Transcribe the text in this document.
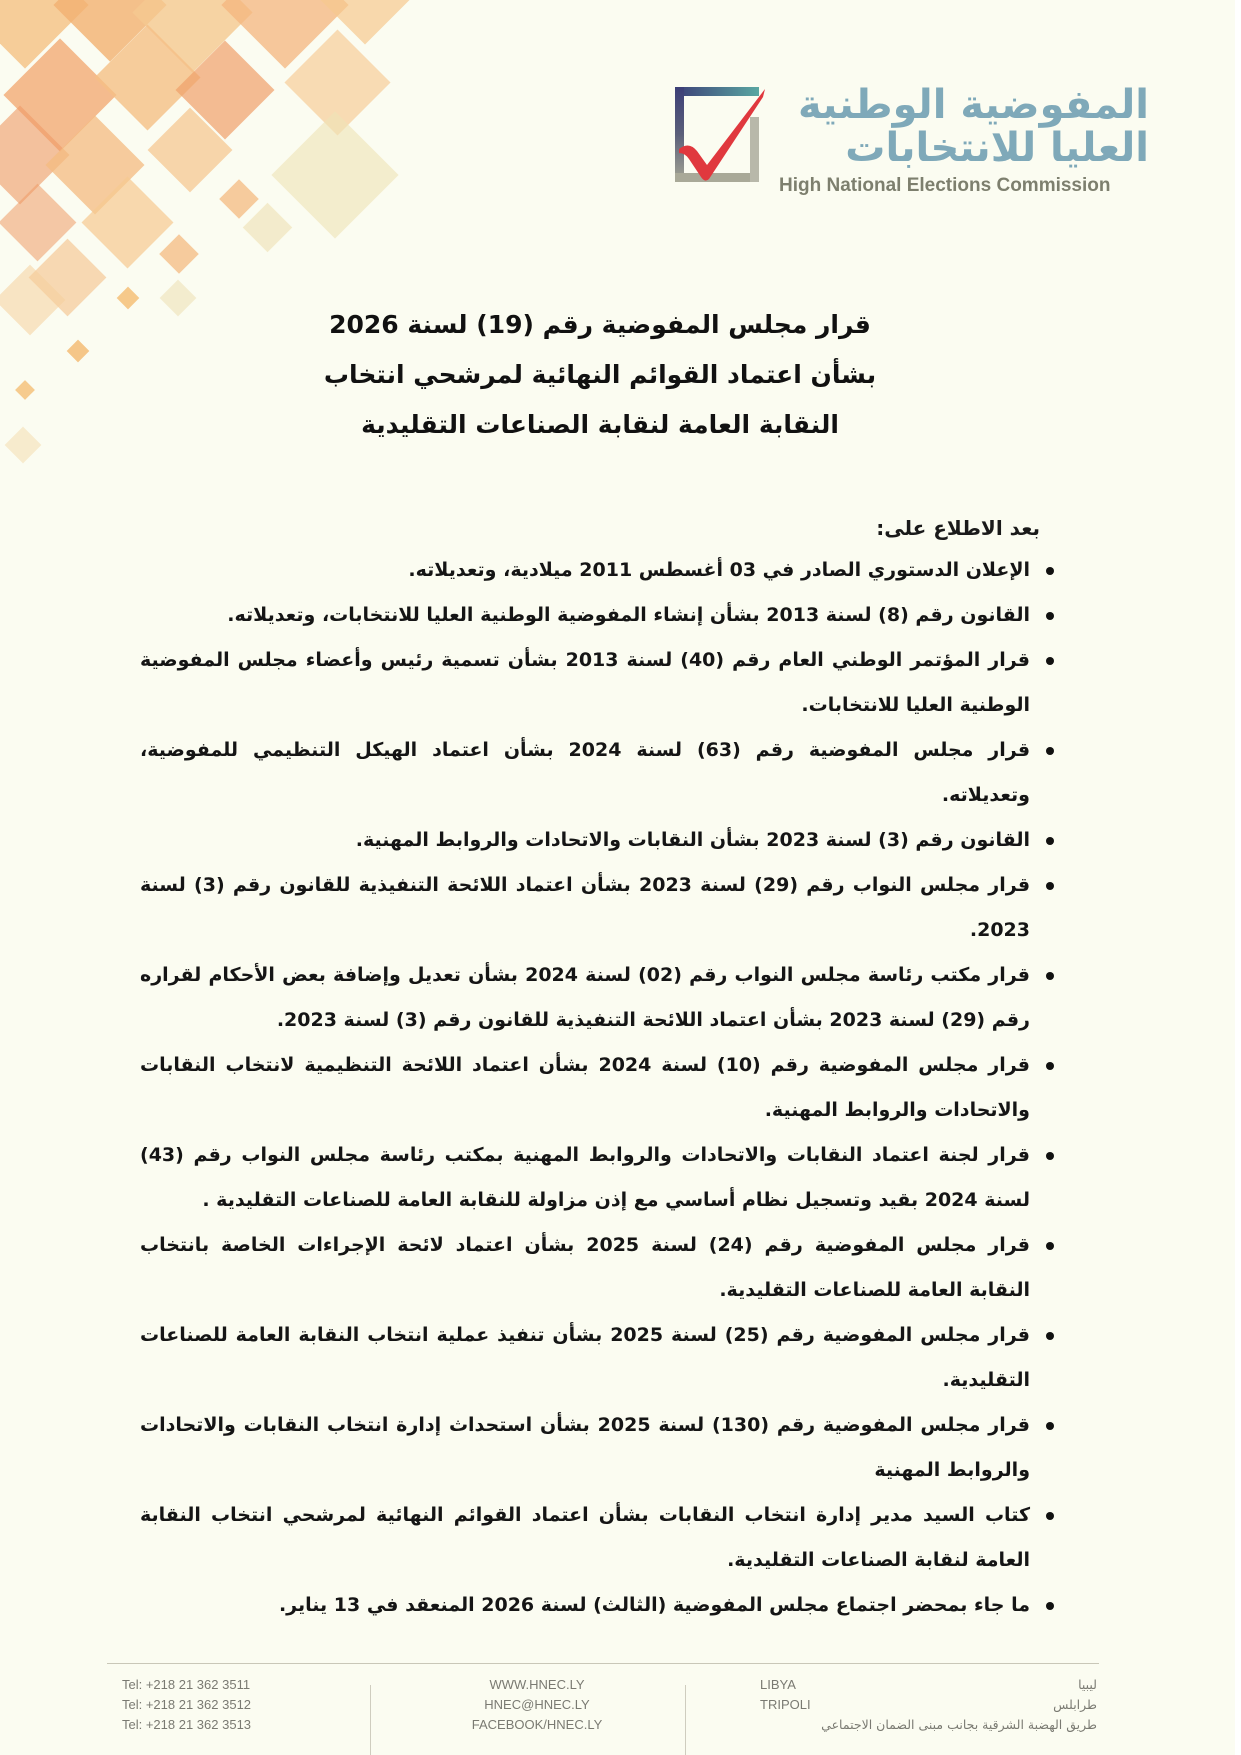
المفوضية الوطنية
العليا للانتخابات
High National Elections Commission
قرار مجلس المفوضية رقم (19) لسنة 2026
بشأن اعتماد القوائم النهائية لمرشحي انتخاب
النقابة العامة لنقابة الصناعات التقليدية
بعد الاطلاع على:
الإعلان الدستوري الصادر في 03 أغسطس 2011 ميلادية، وتعديلاته.
القانون رقم (8) لسنة 2013 بشأن إنشاء المفوضية الوطنية العليا للانتخابات، وتعديلاته.
قرار المؤتمر الوطني العام رقم (40) لسنة 2013 بشأن تسمية رئيس وأعضاء مجلس المفوضية الوطنية العليا للانتخابات.
قرار مجلس المفوضية رقم (63) لسنة 2024 بشأن اعتماد الهيكل التنظيمي للمفوضية، وتعديلاته.
القانون رقم (3) لسنة 2023 بشأن النقابات والاتحادات والروابط المهنية.
قرار مجلس النواب رقم (29) لسنة 2023 بشأن اعتماد اللائحة التنفيذية للقانون رقم (3) لسنة 2023.
قرار مكتب رئاسة مجلس النواب رقم (02) لسنة 2024 بشأن تعديل وإضافة بعض الأحكام لقراره رقم (29) لسنة 2023 بشأن اعتماد اللائحة التنفيذية للقانون رقم (3) لسنة 2023.
قرار مجلس المفوضية رقم (10) لسنة 2024 بشأن اعتماد اللائحة التنظيمية لانتخاب النقابات والاتحادات والروابط المهنية.
قرار لجنة اعتماد النقابات والاتحادات والروابط المهنية بمكتب رئاسة مجلس النواب رقم (43) لسنة 2024 بقيد وتسجيل نظام أساسي مع إذن مزاولة للنقابة العامة للصناعات التقليدية .
قرار مجلس المفوضية رقم (24) لسنة 2025 بشأن اعتماد لائحة الإجراءات الخاصة بانتخاب النقابة العامة للصناعات التقليدية.
قرار مجلس المفوضية رقم (25) لسنة 2025 بشأن تنفيذ عملية انتخاب النقابة العامة للصناعات التقليدية.
قرار مجلس المفوضية رقم (130) لسنة 2025 بشأن استحداث إدارة انتخاب النقابات والاتحادات والروابط المهنية
كتاب السيد مدير إدارة انتخاب النقابات بشأن اعتماد القوائم النهائية لمرشحي انتخاب النقابة العامة لنقابة الصناعات التقليدية.
ما جاء بمحضر اجتماع مجلس المفوضية (الثالث) لسنة 2026 المنعقد في 13 يناير.
Tel: +218 21 362 3511
Tel: +218 21 362 3512
Tel: +218 21 362 3513
WWW.HNEC.LY
HNEC@HNEC.LY
FACEBOOK/HNEC.LY
LIBYA
TRIPOLI
ليبيا
طرابلس
طريق الهضبة الشرقية بجانب مبنى الضمان الاجتماعي
